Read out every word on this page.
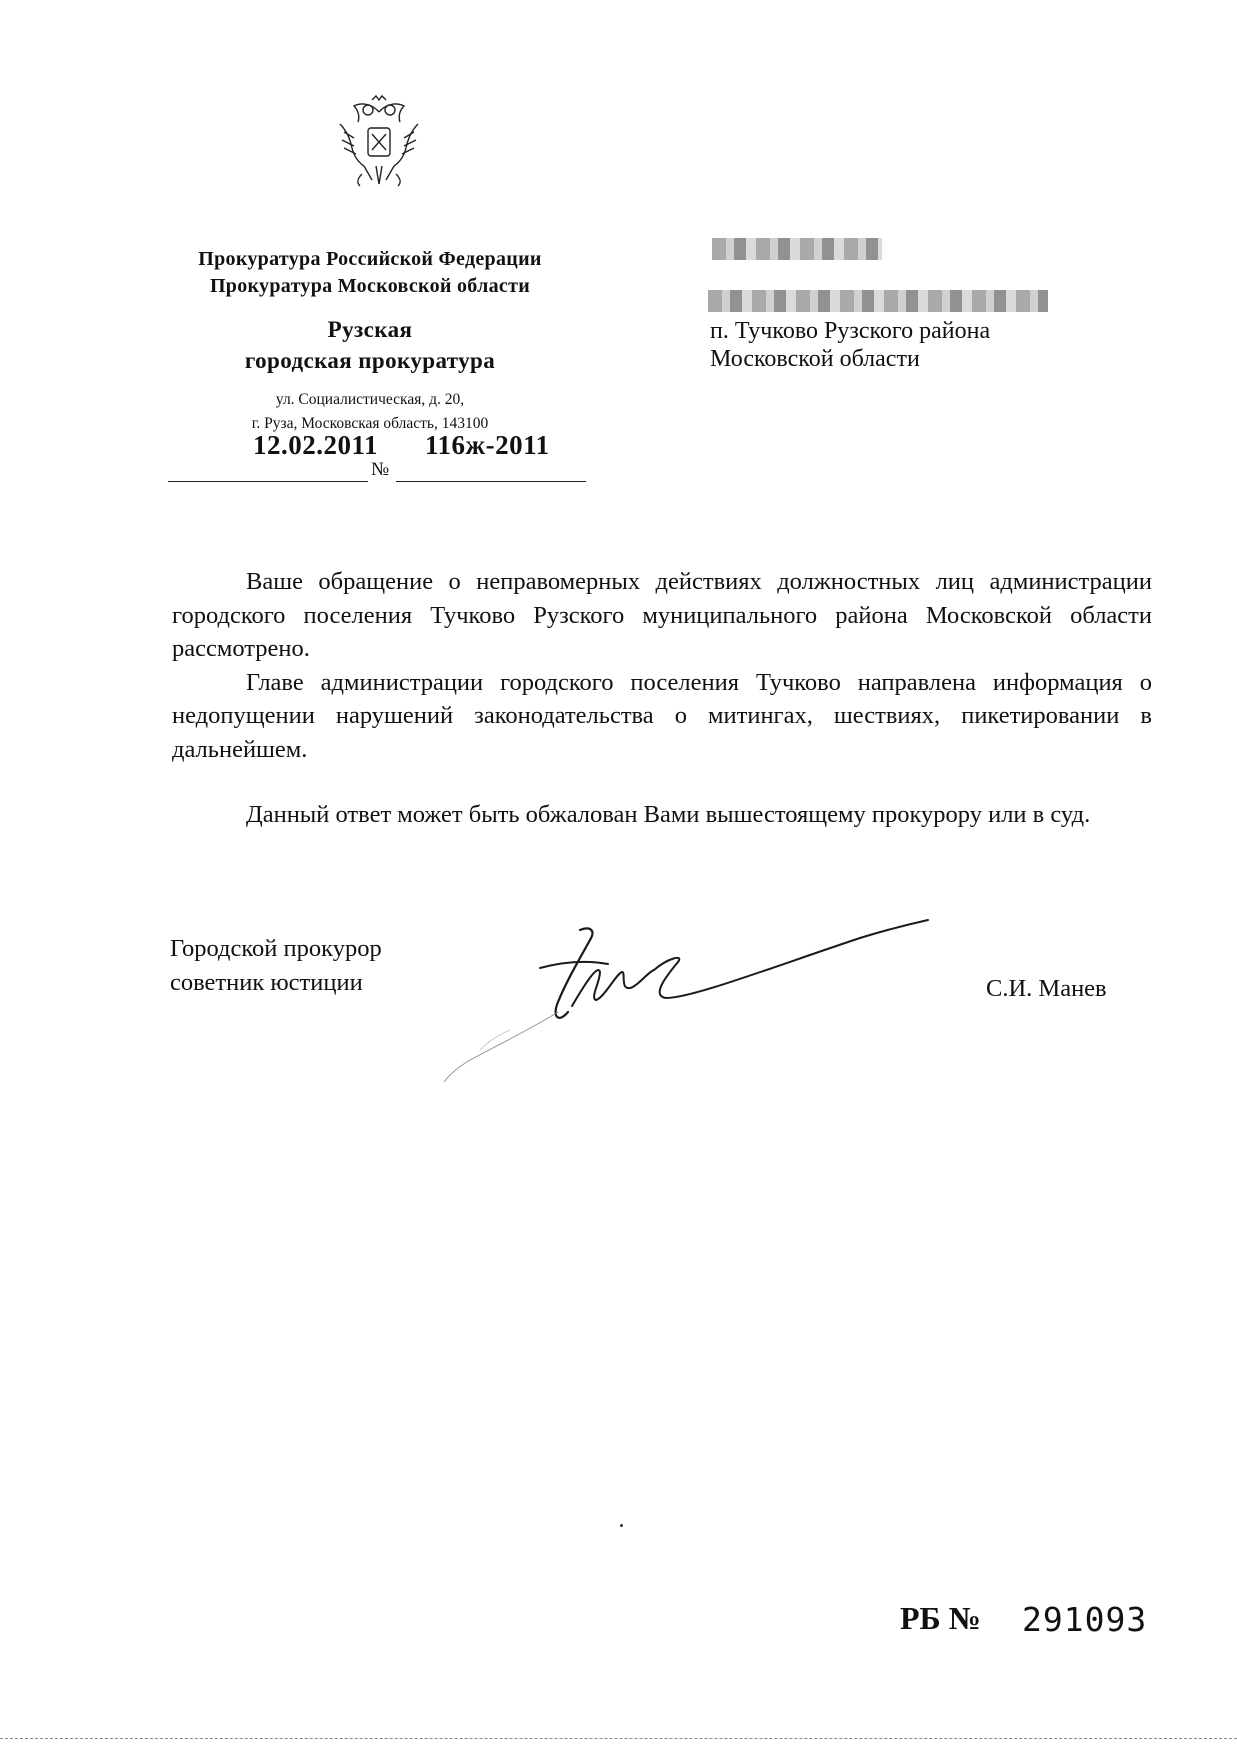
Прокуратура Российской Федерации
Прокуратура Московской области
Рузская
городская прокуратура
ул. Социалистическая, д. 20,
г. Руза, Московская область, 143100
12.02.2011 116ж-2011
№
п. Тучково Рузского района
Московской области

Ваше обращение о неправомерных действиях должностных лиц администрации городского поселения Тучково Рузского муниципального района Московской области рассмотрено.

Главе администрации городского поселения Тучково направлена информация о недопущении нарушений законодательства о митингах, шествиях, пикетировании в дальнейшем.

Данный ответ может быть обжалован Вами вышестоящему прокурору или в суд.

Городской прокурор
советник юстиции	С.И. Манев
РБ № 291093
